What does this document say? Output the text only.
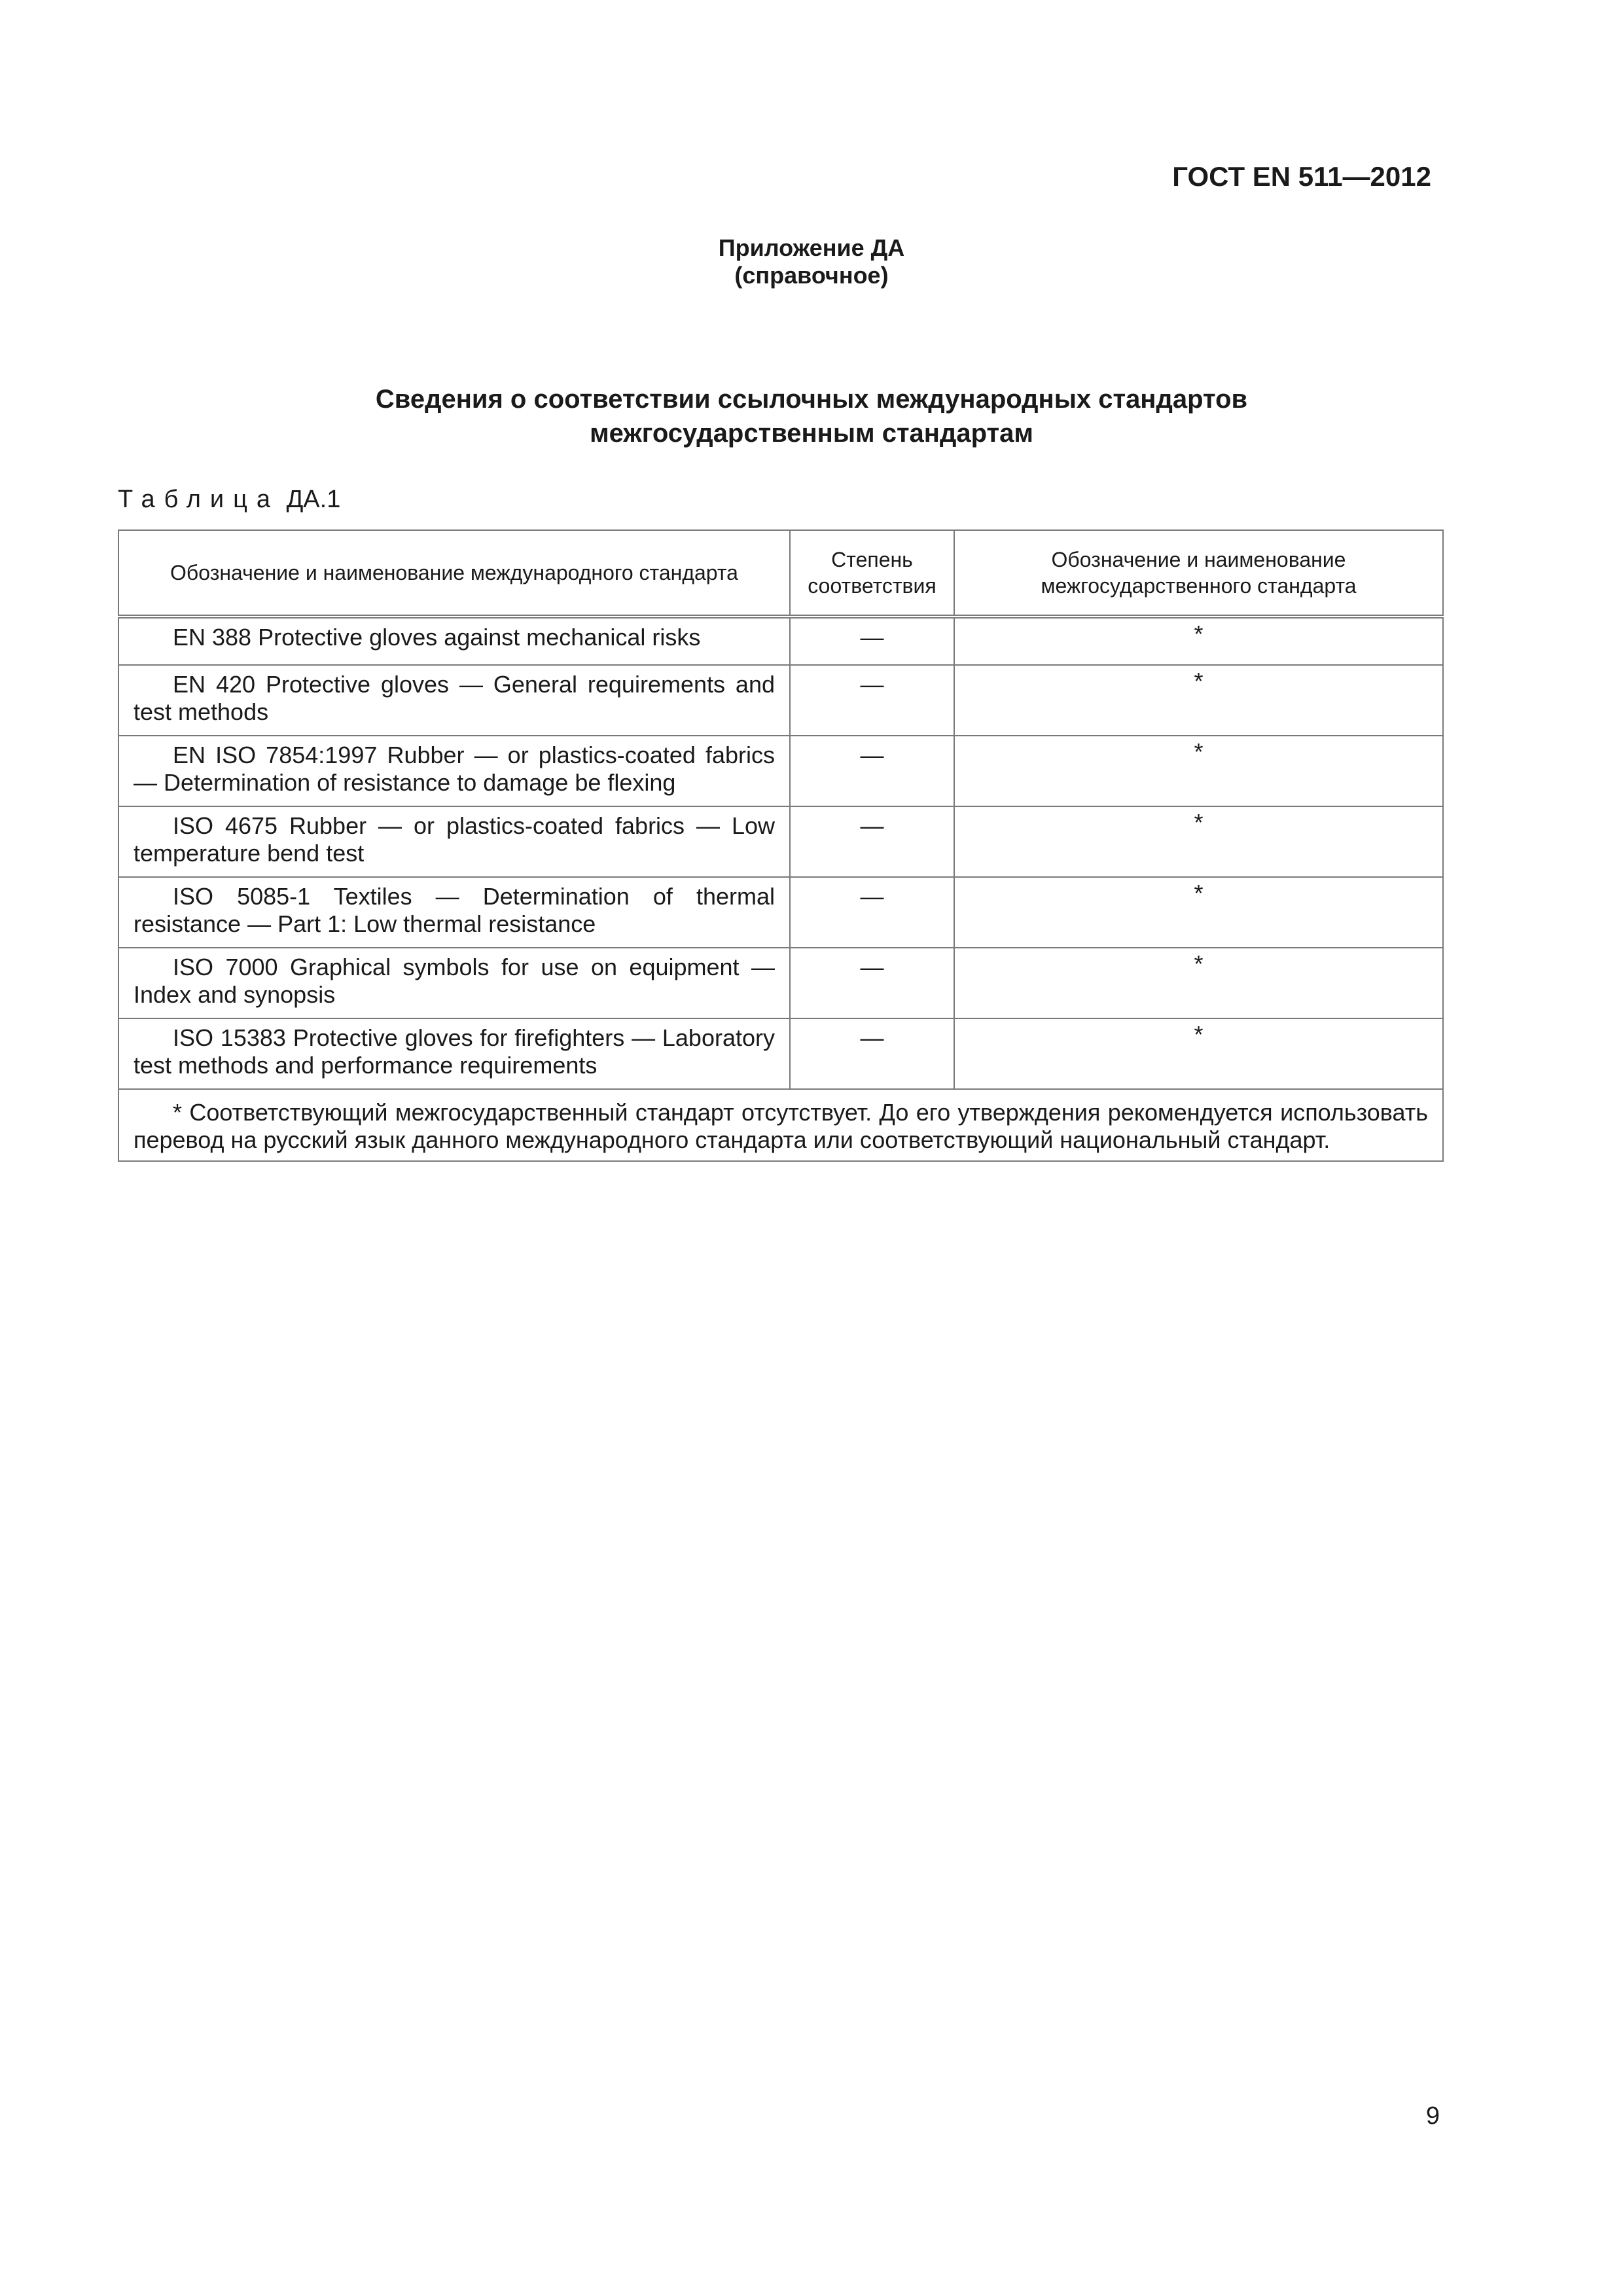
ГОСТ EN 511—2012
Приложение ДА
(справочное)
Сведения о соответствии ссылочных международных стандартов
межгосударственным стандартам
Таблица ДА.1
Обозначение и наименование международного стандарта	Степень соответствия	Обозначение и наименование межгосударственного стандарта
EN 388 Protective gloves against mechanical risks	—	*
EN 420 Protective gloves — General requirements and test methods	—	*
EN ISO 7854:1997 Rubber — or plastics-coated fabrics — Determination of resistance to damage be flexing	—	*
ISO 4675 Rubber — or plastics-coated fabrics — Low temperature bend test	—	*
ISO 5085-1 Textiles — Determination of thermal resistance — Part 1: Low thermal resistance	—	*
ISO 7000 Graphical symbols for use on equipment — Index and synopsis	—	*
ISO 15383 Protective gloves for firefighters — Laboratory test methods and performance requirements	—	*
* Соответствующий межгосударственный стандарт отсутствует. До его утверждения рекомендуется использовать перевод на русский язык данного международного стандарта или соответствующий национальный стандарт.		
9
